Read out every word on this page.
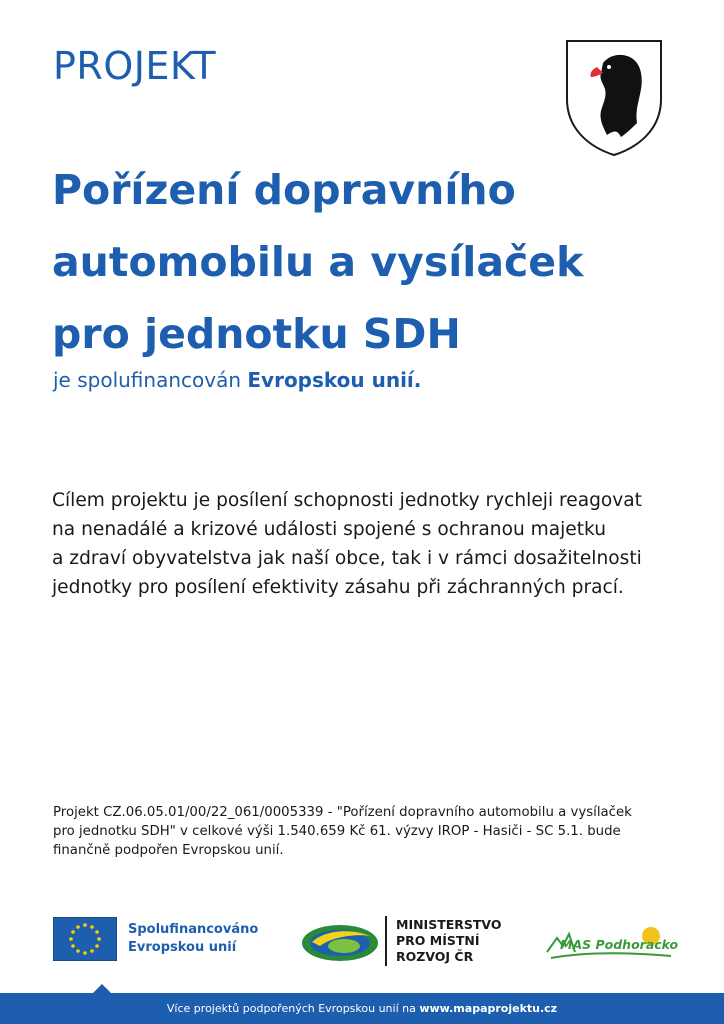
PROJEKT
Pořízení dopravního
automobilu a vysílaček
pro jednotku SDH
je spolufinancován Evropskou unií.
Cílem projektu je posílení schopnosti jednotky rychleji reagovat
na nenadálé a krizové události spojené s ochranou majetku
a zdraví obyvatelstva jak naší obce, tak i v rámci dosažitelnosti
jednotky pro posílení efektivity zásahu při záchranných prací.
Projekt CZ.06.05.01/00/22_061/0005339 - "Pořízení dopravního automobilu a vysílaček
pro jednotku SDH" v celkové výši 1.540.659 Kč 61. výzvy IROP - Hasiči - SC 5.1. bude
finančně podpořen Evropskou unií.
Spolufinancováno
Evropskou unií
MINISTERSTVO
PRO MÍSTNÍ
ROZVOJ ČR
MAS Podhoracko
Více projektů podpořených Evropskou unií na www.mapaprojektu.cz
